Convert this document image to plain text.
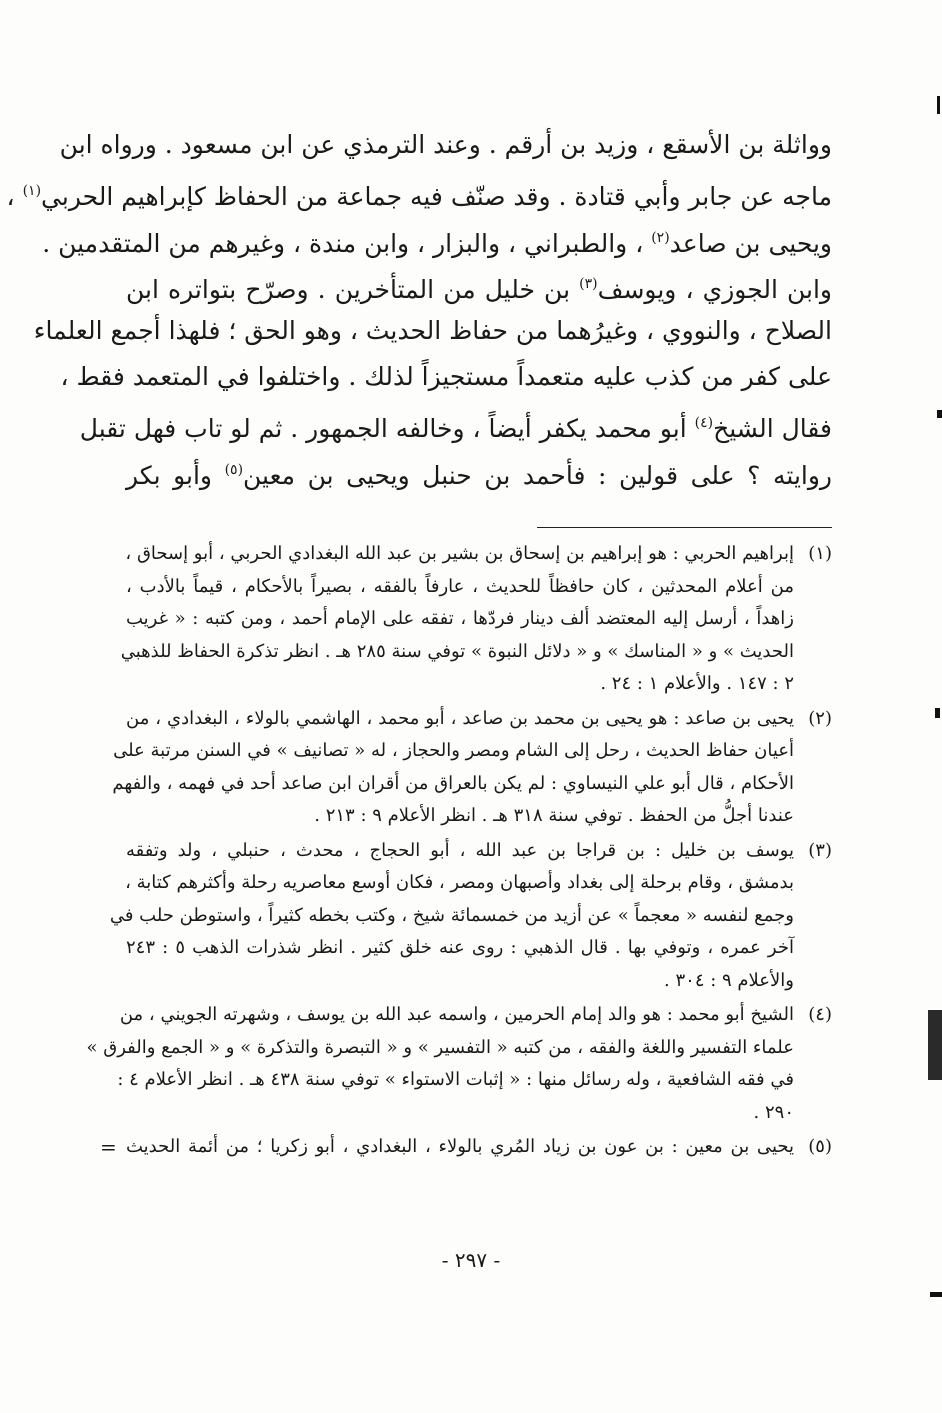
وواثلة بن الأسقع ، وزيد بن أرقم . وعند الترمذي عن ابن مسعود . ورواه ابن
ماجه عن جابر وأبي قتادة . وقد صنّف فيه جماعة من الحفاظ كإبراهيم الحربي$^{(١)}$ ،
ويحيى بن صاعد$^{(٢)}$ ، والطبراني ، والبزار ، وابن مندة ، وغيرهم من المتقدمين .
وابن الجوزي ، ويوسف$^{(٣)}$ بن خليل من المتأخرين . وصرّح بتواتره ابن
الصلاح ، والنووي ، وغيرُهما من حفاظ الحديث ، وهو الحق ؛ فلهذا أجمع العلماء
على كفر من كذب عليه متعمداً مستجيزاً لذلك . واختلفوا في المتعمد فقط ،
فقال الشيخ$^{(٤)}$ أبو محمد يكفر أيضاً ، وخالفه الجمهور . ثم لو تاب فهل تقبل
روايته ؟ على قولين : فأحمد بن حنبل ويحيى بن معين$^{(٥)}$ وأبو بكر
(١)
إبراهيم الحربي : هو إبراهيم بن إسحاق بن بشير بن عبد الله البغدادي الحربي ، أبو إسحاق ،
من أعلام المحدثين ، كان حافظاً للحديث ، عارفاً بالفقه ، بصيراً بالأحكام ، قيماً بالأدب ،
زاهداً ، أرسل إليه المعتضد ألف دينار فردّها ، تفقه على الإمام أحمد ، ومن كتبه : « غريب
الحديث » و « المناسك » و « دلائل النبوة » توفي سنة ٢٨٥ هـ . انظر تذكرة الحفاظ للذهبي
٢ : ١٤٧ . والأعلام ١ : ٢٤ .
(٢)
يحيى بن صاعد : هو يحيى بن محمد بن صاعد ، أبو محمد ، الهاشمي بالولاء ، البغدادي ، من
أعيان حفاظ الحديث ، رحل إلى الشام ومصر والحجاز ، له « تصانيف » في السنن مرتبة على
الأحكام ، قال أبو علي النيساوي : لم يكن بالعراق من أقران ابن صاعد أحد في فهمه ، والفهم
عندنا أجلُّ من الحفظ . توفي سنة ٣١٨ هـ . انظر الأعلام ٩ : ٢١٣ .
(٣)
يوسف بن خليل : بن قراجا بن عبد الله ، أبو الحجاج ، محدث ، حنبلي ، ولد وتفقه
بدمشق ، وقام برحلة إلى بغداد وأصبهان ومصر ، فكان أوسع معاصريه رحلة وأكثرهم كتابة ،
وجمع لنفسه « معجماً » عن أزيد من خمسمائة شيخ ، وكتب بخطه كثيراً ، واستوطن حلب في
آخر عمره ، وتوفي بها . قال الذهبي : روى عنه خلق كثير . انظر شذرات الذهب ٥ : ٢٤٣
والأعلام ٩ : ٣٠٤ .
(٤)
الشيخ أبو محمد : هو والد إمام الحرمين ، واسمه عبد الله بن يوسف ، وشهرته الجويني ، من
علماء التفسير واللغة والفقه ، من كتبه « التفسير » و « التبصرة والتذكرة » و « الجمع والفرق »
في فقه الشافعية ، وله رسائل منها : « إثبات الاستواء » توفي سنة ٤٣٨ هـ . انظر الأعلام ٤ :
٢٩٠ .
(٥)
يحيى بن معين : بن عون بن زياد المُري بالولاء ، البغدادي ، أبو زكريا ؛ من أئمة الحديث
=
- ٢٩٧ -
